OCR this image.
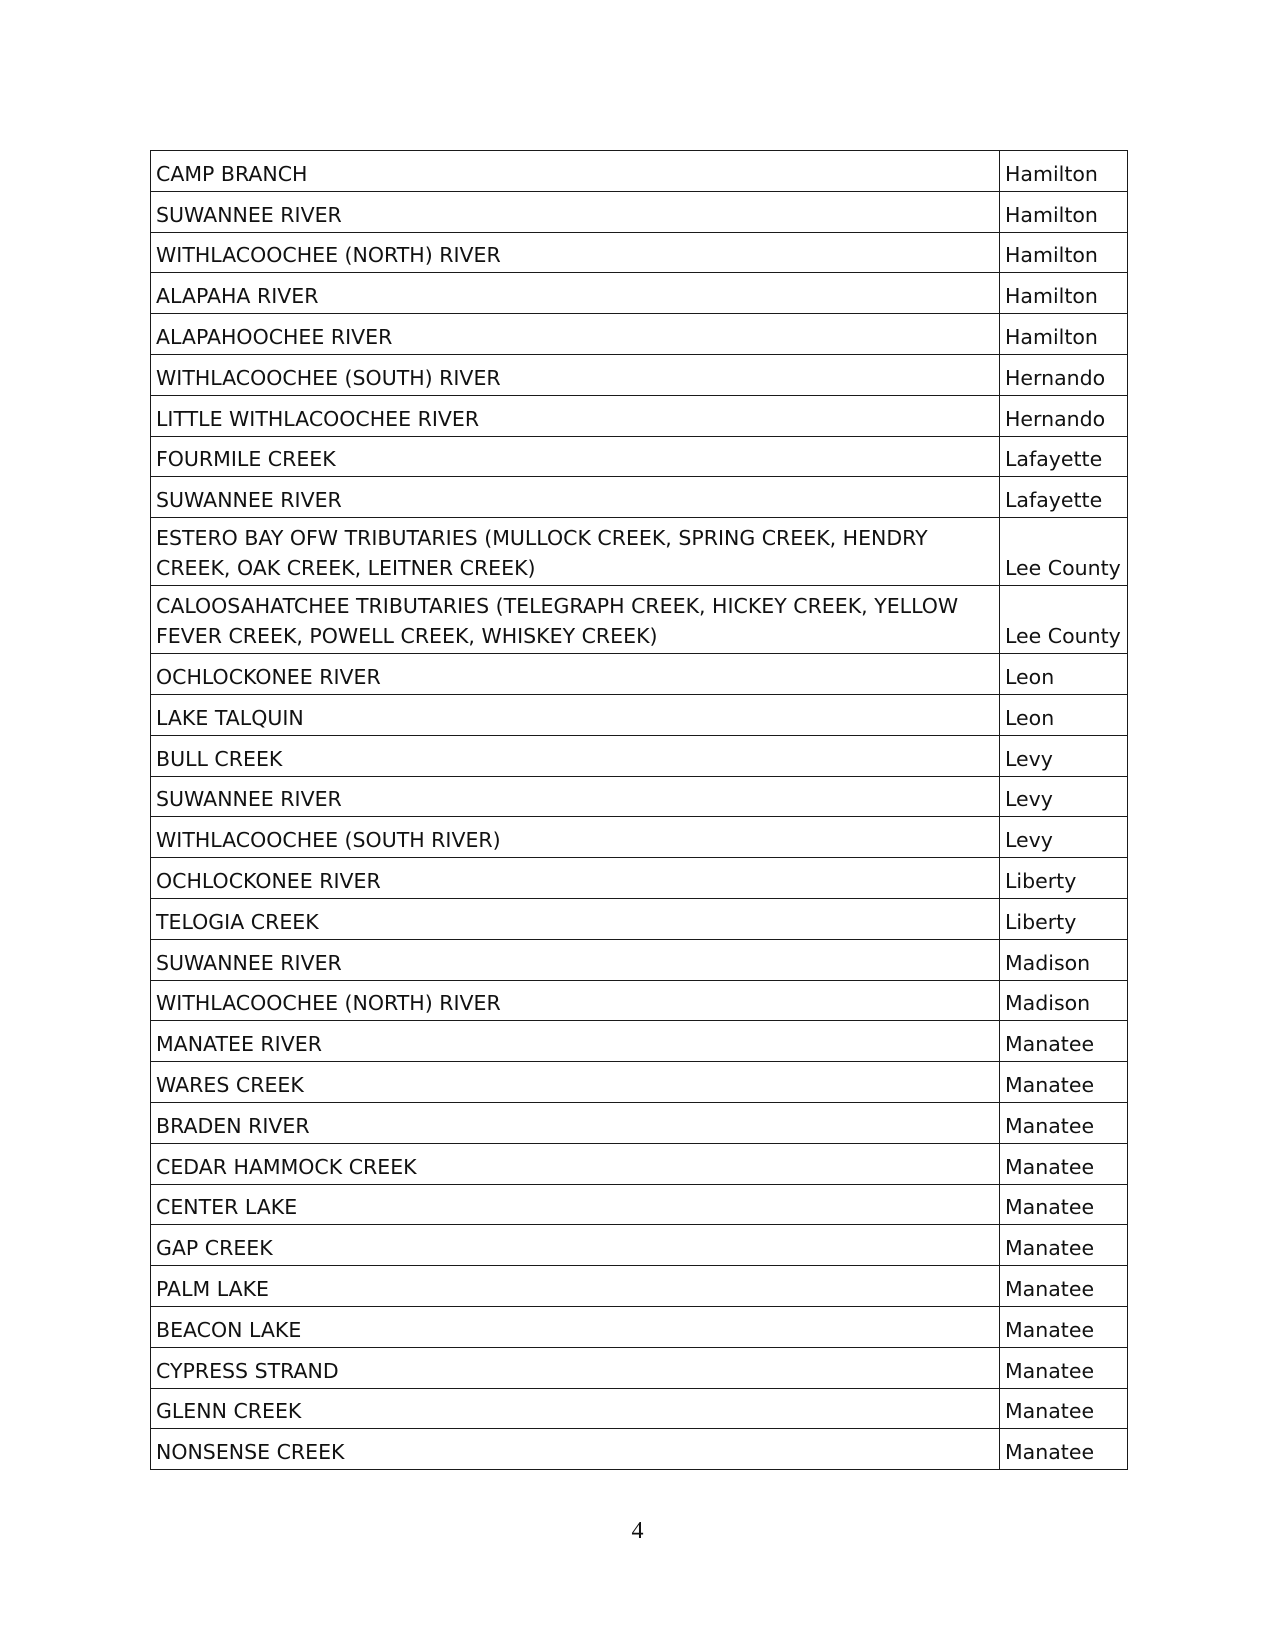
CAMP BRANCH	Hamilton
SUWANNEE RIVER	Hamilton
WITHLACOOCHEE (NORTH) RIVER	Hamilton
ALAPAHA RIVER	Hamilton
ALAPAHOOCHEE RIVER	Hamilton
WITHLACOOCHEE (SOUTH) RIVER	Hernando
LITTLE WITHLACOOCHEE RIVER	Hernando
FOURMILE CREEK	Lafayette
SUWANNEE RIVER	Lafayette
ESTERO BAY OFW TRIBUTARIES (MULLOCK CREEK, SPRING CREEK, HENDRY CREEK, OAK CREEK, LEITNER CREEK)	Lee County
CALOOSAHATCHEE TRIBUTARIES (TELEGRAPH CREEK, HICKEY CREEK, YELLOW FEVER CREEK, POWELL CREEK, WHISKEY CREEK)	Lee County
OCHLOCKONEE RIVER	Leon
LAKE TALQUIN	Leon
BULL CREEK	Levy
SUWANNEE RIVER	Levy
WITHLACOOCHEE (SOUTH RIVER)	Levy
OCHLOCKONEE RIVER	Liberty
TELOGIA CREEK	Liberty
SUWANNEE RIVER	Madison
WITHLACOOCHEE (NORTH) RIVER	Madison
MANATEE RIVER	Manatee
WARES CREEK	Manatee
BRADEN RIVER	Manatee
CEDAR HAMMOCK CREEK	Manatee
CENTER LAKE	Manatee
GAP CREEK	Manatee
PALM LAKE	Manatee
BEACON LAKE	Manatee
CYPRESS STRAND	Manatee
GLENN CREEK	Manatee
NONSENSE CREEK	Manatee
4
